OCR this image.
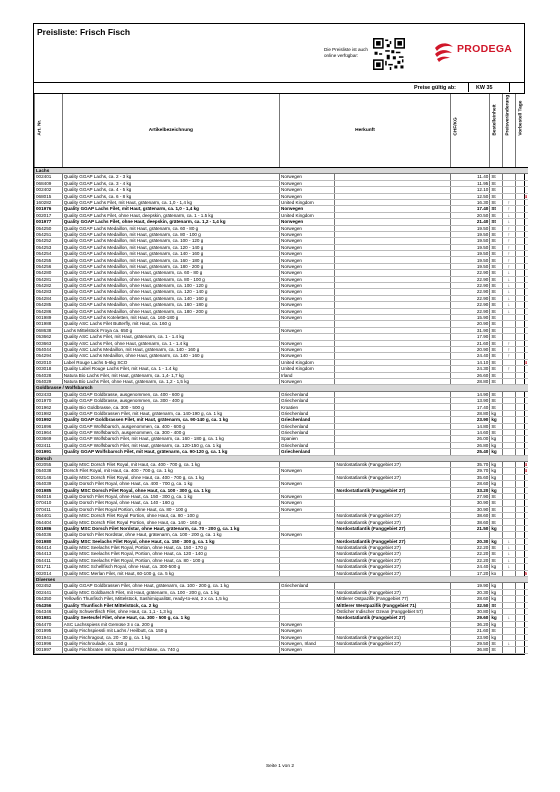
Preisliste: Frisch Fisch
Die Preisliste ist auch online verfügbar:
PRODEGA
Preise gültig ab:	KW 35
Art. Nr.	Artikelbezeichnung	Herkunft		CHF/KG	Bestelleinheit	Preisveränderung	Vorbestell Tage

Lachs							
002401	Quality GGAP Lachs, ca. 2 - 3 kg	Norwegen		11.40	St		
068409	Quality GGAP Lachs, ca. 3 - 4 kg	Norwegen		11.95	St		
002402	Quality GGAP Lachs, ca. 4 - 5 kg	Norwegen		12.10	St		
068015	Quality GGAP Lachs, ca. 6 - 8 kg	Norwegen		12.50	St		4
160282	Quality GGAP Lachs Filet, mit Haut, grätenarm, ca. 1,0 - 1,4 kg	United Kingdom		16.30	St	↑	
001976	Quality GGAP Lachs Filet, mit Haut, grätenarm, ca. 1,0 - 1,4 kg	Norwegen		17.40	St	↑	
002017	Quality GGAP Lachs Filet, ohne Haut, deepskin, grätenarm, ca. 1 - 1.5 kg	United Kingdom		20.50	St	↓	
001977	Quality GGAP Lachs Filet, ohne Haut, deepskin, grätenarm, ca. 1,2 - 1,4 kg	Norwegen		21.40	St	↓	
054250	Quality GGAP Lachs Medaillon, mit Haut, grätenarm, ca. 60 - 80 g	Norwegen		19.50	St	↑	
054251	Quality GGAP Lachs Medaillon, mit Haut, grätenarm, ca. 80 - 100 g	Norwegen		19.50	St	↑	
054252	Quality GGAP Lachs Medaillon, mit Haut, grätenarm, ca. 100 - 120 g	Norwegen		19.50	St	↑	
054253	Quality GGAP Lachs Medaillon, mit Haut, grätenarm, ca. 120 - 140 g	Norwegen		19.50	St	↑	
054254	Quality GGAP Lachs Medaillon, mit Haut, grätenarm, ca. 140 - 160 g	Norwegen		19.50	St	↑	
054255	Quality GGAP Lachs Medaillon, mit Haut, grätenarm, ca. 160 - 180 g	Norwegen		19.50	St	↑	
054256	Quality GGAP Lachs Medaillon, mit Haut, grätenarm, ca. 180 - 200 g	Norwegen		19.50	St	↑	
054280	Quality GGAP Lachs Medaillon, ohne Haut, grätenarm, ca. 60 - 80 g	Norwegen		22.90	St	↓	
054281	Quality GGAP Lachs Medaillon, ohne Haut, grätenarm, ca. 80 - 100 g	Norwegen		22.90	St	↓	
054282	Quality GGAP Lachs Medaillon, ohne Haut, grätenarm, ca. 100 - 120 g	Norwegen		22.90	St	↓	
054283	Quality GGAP Lachs Medaillon, ohne Haut, grätenarm, ca. 120 - 140 g	Norwegen		22.90	St	↓	
054284	Quality GGAP Lachs Medaillon, ohne Haut, grätenarm, ca. 140 - 160 g	Norwegen		22.90	St	↓	
054285	Quality GGAP Lachs Medaillon, ohne Haut, grätenarm, ca. 160 - 180 g	Norwegen		22.90	St	↓	
054286	Quality GGAP Lachs Medaillon, ohne Haut, grätenarm, ca. 180 - 200 g	Norwegen		22.90	St	↓	
001989	Quality GGAP Lachs Koteletten, mit Haut, ca. 160-180 g	Norwegen		15.90	St		
001988	Quality ASC Lachs Filet Butterfly, mit Haut, ca. 160 g			20.90	St		
068638	Lachs Mittelstück Froya ca. 650 g	Norwegen		31.90	St		
053662	Quality ASC Lachs Filet, mit Haut, grätenarm, ca. 1 - 1.4 kg			17.90	St		
003663	Quality ASC Lachs Filet, ohne Haut, grätenarm, ca. 1 - 1.4 kg	Norwegen		21.60	St	↑	
054044	Quality ASC Lachs Medaillon, mit Haut, grätenarm, ca. 140 - 160 g	Norwegen		20.90	St	↑	
054294	Quality ASC Lachs Medaillon, ohne Haut, grätenarm, ca. 140 - 160 g	Norwegen		24.40	St	↑	
002010	Label Rouge Lachs 5-6kg SCO	United Kingdom		14.10	St		4
003018	Quality Label Rouge Lachs Filet, mit Haut, ca. 1 - 1.4 kg	United Kingdom		24.30	St	↑	
054028	Natura Bio Lachs Filet, mit Haut, grätenarm, ca. 1,4- 1,7 kg	Irland		26.60	St		
054029	Natura Bio Lachs Filet, ohne Haut, grätenarm, ca. 1,2 - 1,5 kg	Norwegen		28.80	St		
Goldbrasse / Wolfsbarsch							
002433	Quality GGAP Goldbrasse, ausgenommen, ca. 400 - 600 g	Griechenland		14.90	St		
001970	Quality GGAP Goldbrasse, ausgenommen, ca. 300 - 400 g	Griechenland		13.90	St		
001962	Quality Bio Goldbrasse, ca. 300 - 500 g	Kroatien		17.40	St		
001982	Quality GGAP Goldbrassen Filet, mit Haut, grätenarm, ca. 140-190 g, ca. 1 kg	Griechenland		28.80	kg		
001992	Quality GGAP Goldbrassen Filet, mit Haut, grätenarm, ca. 90-140 g, ca. 1 kg	Griechenland		23.90	kg		
001896	Quality GGAP Wolfsbarsch, ausgenommen, ca. 400 - 600 g	Griechenland		14.80	St		
001964	Quality GGAP Wolfsbarsch, ausgenommen, ca. 300 - 400 g	Griechenland		14.60	St		
003669	Quality GGAP Wolfsbarsch Filet, mit Haut, grätenarm, ca. 160 - 180 g, ca. 1 kg	Spanien		26.00	kg		
002411	Quality GGAP Wolfsbarsch Filet, mit Haut, grätenarm, ca. 120-150 g, ca. 1 kg	Griechenland		26.80	kg		
001991	Quality GGAP Wolfsbarsch Filet, mit Haut, grätenarm, ca. 90-120 g, ca. 1 kg	Griechenland		25.40	kg		
Dorsch							
002055	Quality MSC Dorsch Filet Royal, mit Haut, ca. 400 - 700 g, ca. 1 kg		Nordostatlantik (Fanggebiet 27)	35.70	kg		4
054038	Dorsch Filet Royal, mit Haut, ca. 400 - 700 g, ca. 1 kg	Norwegen		29.70	kg		4
002146	Quality MSC Dorsch Filet Royal, ohne Haut, ca. 400 - 700 g, ca. 1 kg		Nordostatlantik (Fanggebiet 27)	35.60	kg		
054039	Quality Dorsch Filet Royal, ohne Haut, ca. 400 - 700 g, ca. 1 kg	Norwegen		28.60	kg		
001985	Quality MSC Dorsch Filet Royal, ohne Haut, ca. 100 - 300 g, ca. 1 kg		Nordostatlantik (Fanggebiet 27)	33.20	kg		
054016	Quality Dorsch Filet Royal, ohne Haut, ca. 150 - 300 g, ca. 1 kg	Norwegen		27.90	St		
070410	Quality Dorsch Filet Royal, ohne Haut, ca. 140 - 160 g	Norwegen		30.90	St		
070411	Quality Dorsch Filet Royal Portion, ohne Haut, ca. 80 - 100 g	Norwegen		30.90	St		
054401	Quality MSC Dorsch Filet Royal Portion, ohne Haut, ca. 80 - 100 g		Nordostatlantik (Fanggebiet 27)	38.60	St		
054404	Quality MSC Dorsch Filet Royal Portion, ohne Haut, ca. 140 - 160 g		Nordostatlantik (Fanggebiet 27)	38.60	St		
001986	Quality MSC Dorsch Filet Nordstar, ohne Haut, grätenarm, ca. 70 - 200 g, ca. 1 kg		Nordostatlantik (Fanggebiet 27)	21.50	kg		
054036	Quality Dorsch Filet Nordstar, ohne Haut, grätenarm, ca. 100 - 200 g, ca. 1 kg	Norwegen					
001980	Quality MSC Seelachs Filet Royal, ohne Haut, ca. 150 - 300 g, ca. 1 kg		Nordostatlantik (Fanggebiet 27)	20.30	kg	↓	
054414	Quality MSC Seelachs Filet Royal, Portion, ohne Haut, ca. 150 - 170 g		Nordostatlantik (Fanggebiet 27)	22.20	St	↓	
054413	Quality MSC Seelachs Filet Royal, Portion, ohne Haut, ca. 120 - 140 g		Nordostatlantik (Fanggebiet 27)	22.20	St	↓	
054411	Quality MSC Seelachs Filet Royal, Portion, ohne Haut, ca. 80 - 100 g		Nordostatlantik (Fanggebiet 27)	22.20	St	↓	
001711	Quality MSC Schellfisch Royal, ohne Haut, ca. 300-500 g		Nordostatlantik (Fanggebiet 27)	24.40	kg	↓	
002014	Quality MSC Merlan Filet, mit Haut, 60-100 g, ca. 5 kg		Nordostatlantik (Fanggebiet 27)	17.20	ko		5
Diverses							
002452	Quality GGAP Goldbrassen Filet, ohne Haut, grätenarm, ca. 100 - 200 g, ca. 1 kg	Griechenland		19.90	kg		
002441	Quality MSC Goldbarsch Filet, mit Haut, grätenarm, ca. 100 - 200 g, ca. 1 kg		Nordostatlantik (Fanggebiet 27)	20.30	kg		
054350	Yellowfin Thunfisch Filet, Mittelstück, Sashimiqualität, ready-to-eat, 2 x ca. 1,5 kg		Mittlerer Ostpazifik (Fanggebiet 77)	28.60	kg		
054356	Quality Thunfisch Filet Mittelstück, ca. 2 kg		Mittlerer Westpazifik (Fanggebiet 71)	32.50	St		
054346	Quality Schwertfisch Filet, ohne Haut, ca. 1,1 - 1,3 kg		Östlicher Indischer Ozean (Fanggebiet 57)	30.80	kg		
001981	Quality Seeteufel Filet, ohne Haut, ca. 300 - 500 g, ca. 1 kg		Nordostatlantik (Fanggebiet 27)	29.60	kg	↓	
054470	ASC Lachsspiess mit Gemüse 3 x ca. 200 g	Norwegen		36.20	kg		
001995	Quality Fischspiessli mit Lachs / Heilbutt, ca. 150 g	Norwegen		21.60	St		
001941	Quality Fischragout, ca. 20 - 30 g, ca. 1 kg	Norwegen	Nordostatlantik (Fanggebiet 21)	23.90	kg		
001996	Quality Fischroulade, ca. 150 g	Norwegen, Irland	Nordostatlantik (Fanggebiet 27)	29.50	St	↓	
001997	Quality Fischbraten mit Spinat und Frischkäse, ca. 740 g	Norwegen		36.80	St		
Seite 1 von 2
